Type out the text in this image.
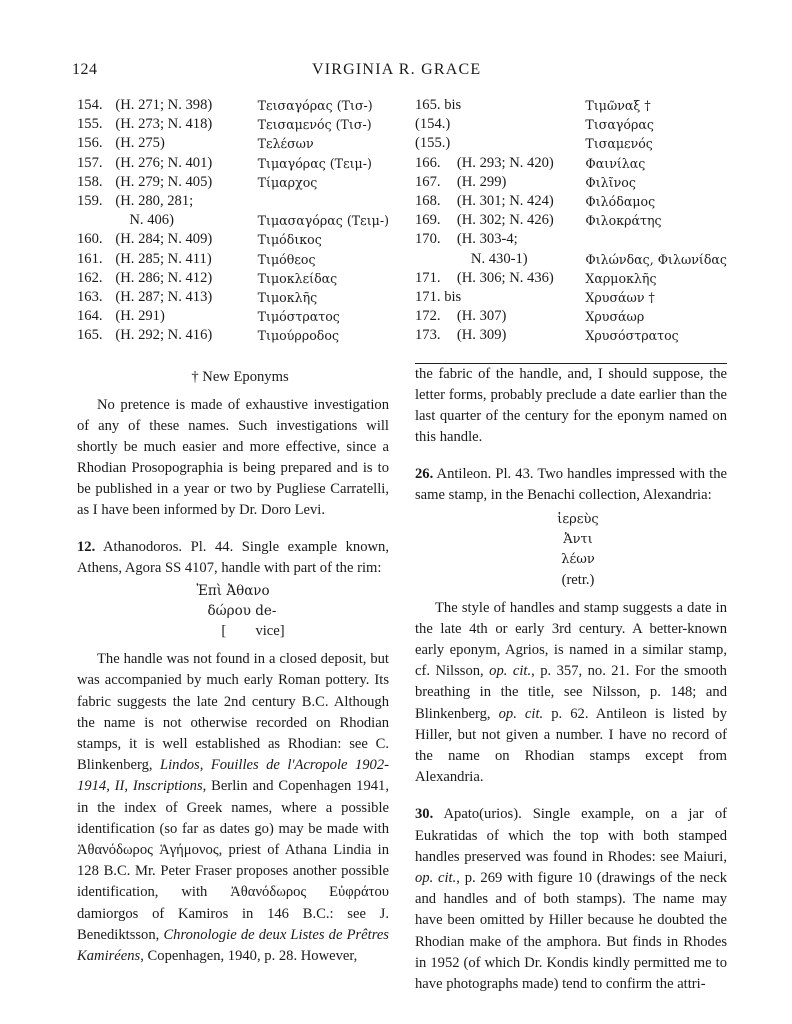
124	VIRGINIA R. GRACE
154.	(H. 271; N. 398)	Τεισαγόρας (Τισ-)
155.	(H. 273; N. 418)	Τεισαμενός (Τισ-)
156.	(H. 275)	Τελέσων
157.	(H. 276; N. 401)	Τιμαγόρας (Τειμ-)
158.	(H. 279; N. 405)	Τίμαρχος
159.	(H. 280, 281;	
	N. 406)	Τιμασαγόρας (Τειμ-)
160.	(H. 284; N. 409)	Τιμόδικος
161.	(H. 285; N. 411)	Τιμόθεος
162.	(H. 286; N. 412)	Τιμοκλείδας
163.	(H. 287; N. 413)	Τιμοκλῆς
164.	(H. 291)	Τιμόστρατος
165.	(H. 292; N. 416)	Τιμούρροδος
† New Eponyms

No pretence is made of exhaustive investigation of any of these names. Such investigations will shortly be much easier and more effective, since a Rhodian Prosopographia is being prepared and is to be published in a year or two by Pugliese Carratelli, as I have been informed by Dr. Doro Levi.

12. Athanodoros. Pl. 44. Single example known, Athens, Agora SS 4107, handle with part of the rim:

Ἐπὶ Ἀθανο
δώρου de-
[        vice]

The handle was not found in a closed deposit, but was accompanied by much early Roman pottery. Its fabric suggests the late 2nd century B.C. Although the name is not otherwise recorded on Rhodian stamps, it is well established as Rhodian: see C. Blinkenberg, Lindos, Fouilles de l'Acropole 1902-1914, II, Inscriptions, Berlin and Copenhagen 1941, in the index of Greek names, where a possible identification (so far as dates go) may be made with Ἀθανόδωρος Ἁγήμονος, priest of Athana Lindia in 128 B.C. Mr. Peter Fraser proposes another possible identification, with Ἀθανόδωρος Εὐφράτου damiorgos of Kamiros in 146 B.C.: see J. Benediktsson, Chronologie de deux Listes de Prêtres Kamiréens, Copenhagen, 1940, p. 28. However,

165. bis		Τιμῶναξ †
(154.)		Τισαγόρας
(155.)		Τισαμενός
166.	(H. 293; N. 420)	Φαινίλας
167.	(H. 299)	Φιλῖνος
168.	(H. 301; N. 424)	Φιλόδαμος
169.	(H. 302; N. 426)	Φιλοκράτης
170.	(H. 303-4;	
	N. 430-1)	Φιλώνδας, Φιλωνίδας
171.	(H. 306; N. 436)	Χαρμοκλῆς
171. bis		Χρυσάων †
172.	(H. 307)	Χρυσάωρ
173.	(H. 309)	Χρυσόστρατος

the fabric of the handle, and, I should suppose, the letter forms, probably preclude a date earlier than the last quarter of the century for the eponym named on this handle.

26. Antileon. Pl. 43. Two handles impressed with the same stamp, in the Benachi collection, Alexandria:

ἱερεὺς
Ἀντι
λέων
(retr.)

The style of handles and stamp suggests a date in the late 4th or early 3rd century. A better-known early eponym, Agrios, is named in a similar stamp, cf. Nilsson, op. cit., p. 357, no. 21. For the smooth breathing in the title, see Nilsson, p. 148; and Blinkenberg, op. cit. p. 62. Antileon is listed by Hiller, but not given a number. I have no record of the name on Rhodian stamps except from Alexandria.

30. Apato(urios). Single example, on a jar of Eukratidas of which the top with both stamped handles preserved was found in Rhodes: see Maiuri, op. cit., p. 269 with figure 10 (drawings of the neck and handles and of both stamps). The name may have been omitted by Hiller because he doubted the Rhodian make of the amphora. But finds in Rhodes in 1952 (of which Dr. Kondis kindly permitted me to have photographs made) tend to confirm the attri-
